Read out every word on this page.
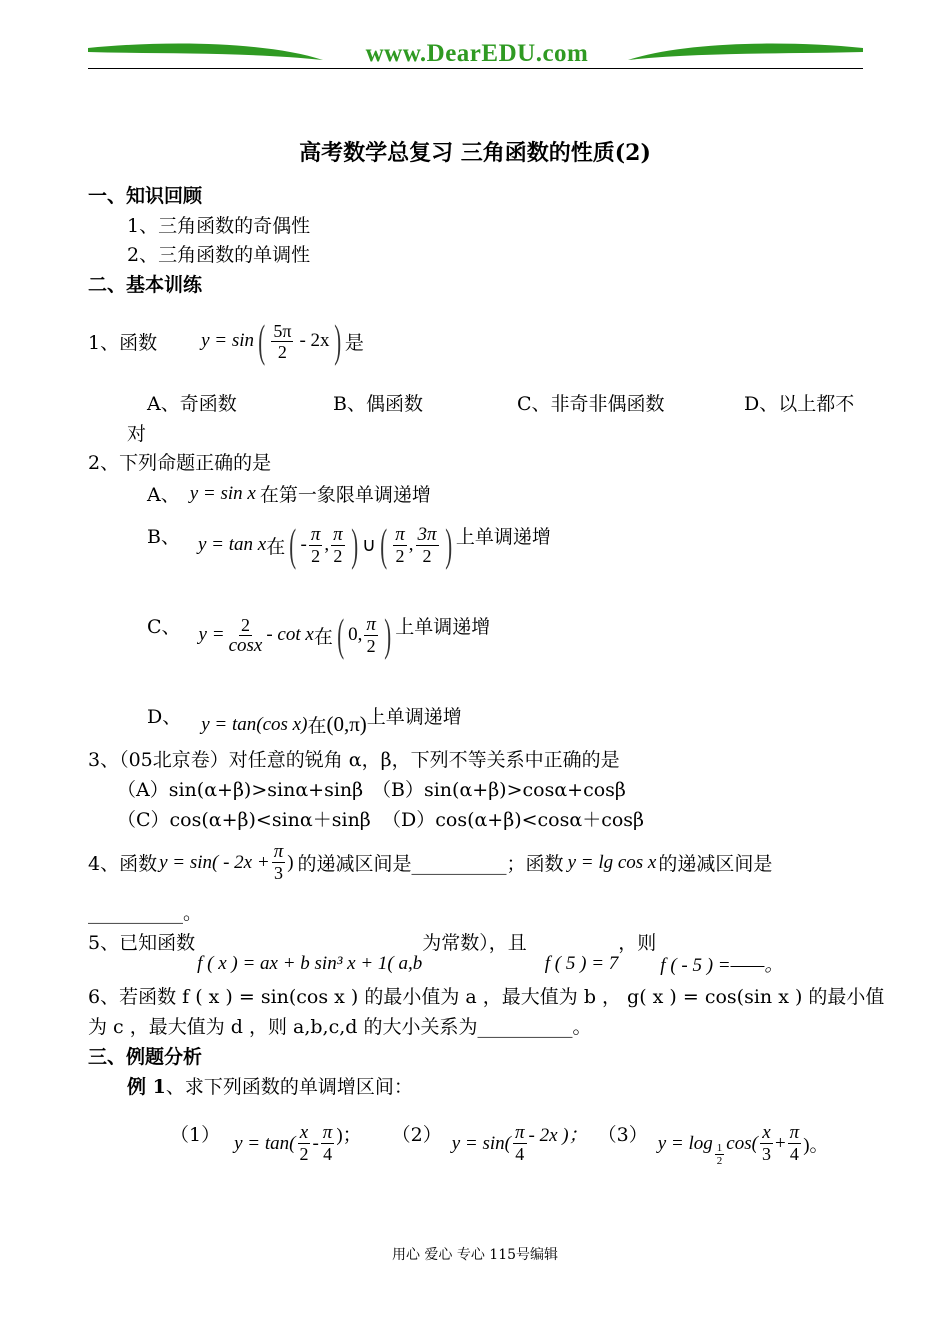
www.DearEDU.com
高考数学总复习 三角函数的性质(2)
一、知识回顾
1、三角函数的奇偶性
2、三角函数的单调性
二、基本训练
1、函数 y = sin ( $\frac{5\pi}{2} - 2x$ ) 是
A、奇函数	B、偶函数	C、非奇非偶函数	D、以上都不
对
2、下列命题正确的是
A、 y = sin x 在第一象限单调递增
B、 y = tan x 在 ( - $\frac{\pi}{2}$ , $\frac{\pi}{2}$ ) ∪ ( $\frac{\pi}{2}$ , $\frac{3\pi}{2}$ ) 上单调递增
C、 $y = \frac{2}{\cos x} - \cot x$ 在 ( 0, $\frac{\pi}{2}$ ) 上单调递增
D、 y = tan(cos x) 在 (0,π) 上单调递增
3、（05北京卷）对任意的锐角 α，β，下列不等关系中正确的是
（A）sin(α+β)>sinα+sinβ （B）sin(α+β)>cosα+cosβ
（C）cos(α+β)<sinα＋sinβ （D）cos(α+β)<cosα＋cosβ
4、函数 $y = \sin( - 2x + \frac{\pi}{3}$ ) 的递减区间是__________；函数 y = lg cos x 的递减区间是
__________。
5、已知函数
f ( x ) = ax + b sin³ x + 1( a,b
为常数），且
f ( 5 ) = 7
，则
f ( - 5 ) =——。
6、若函数 f ( x ) = sin(cos x ) 的最小值为 a ，最大值为 b ， g( x ) = cos(sin x ) 的最小值
为 c ，最大值为 d ，则 a,b,c,d 的大小关系为__________。
三、例题分析
例 1、求下列函数的单调增区间：
（1） $y = \tan( \frac{x}{2} - \frac{\pi}{4}$ )； （2） $y = \sin( \frac{\pi}{4} - 2x$ )； （3） $y = \log \frac{1}{2} \cos( \frac{x}{3} + \frac{\pi}{4}$ )。
用心 爱心 专心 115号编辑
